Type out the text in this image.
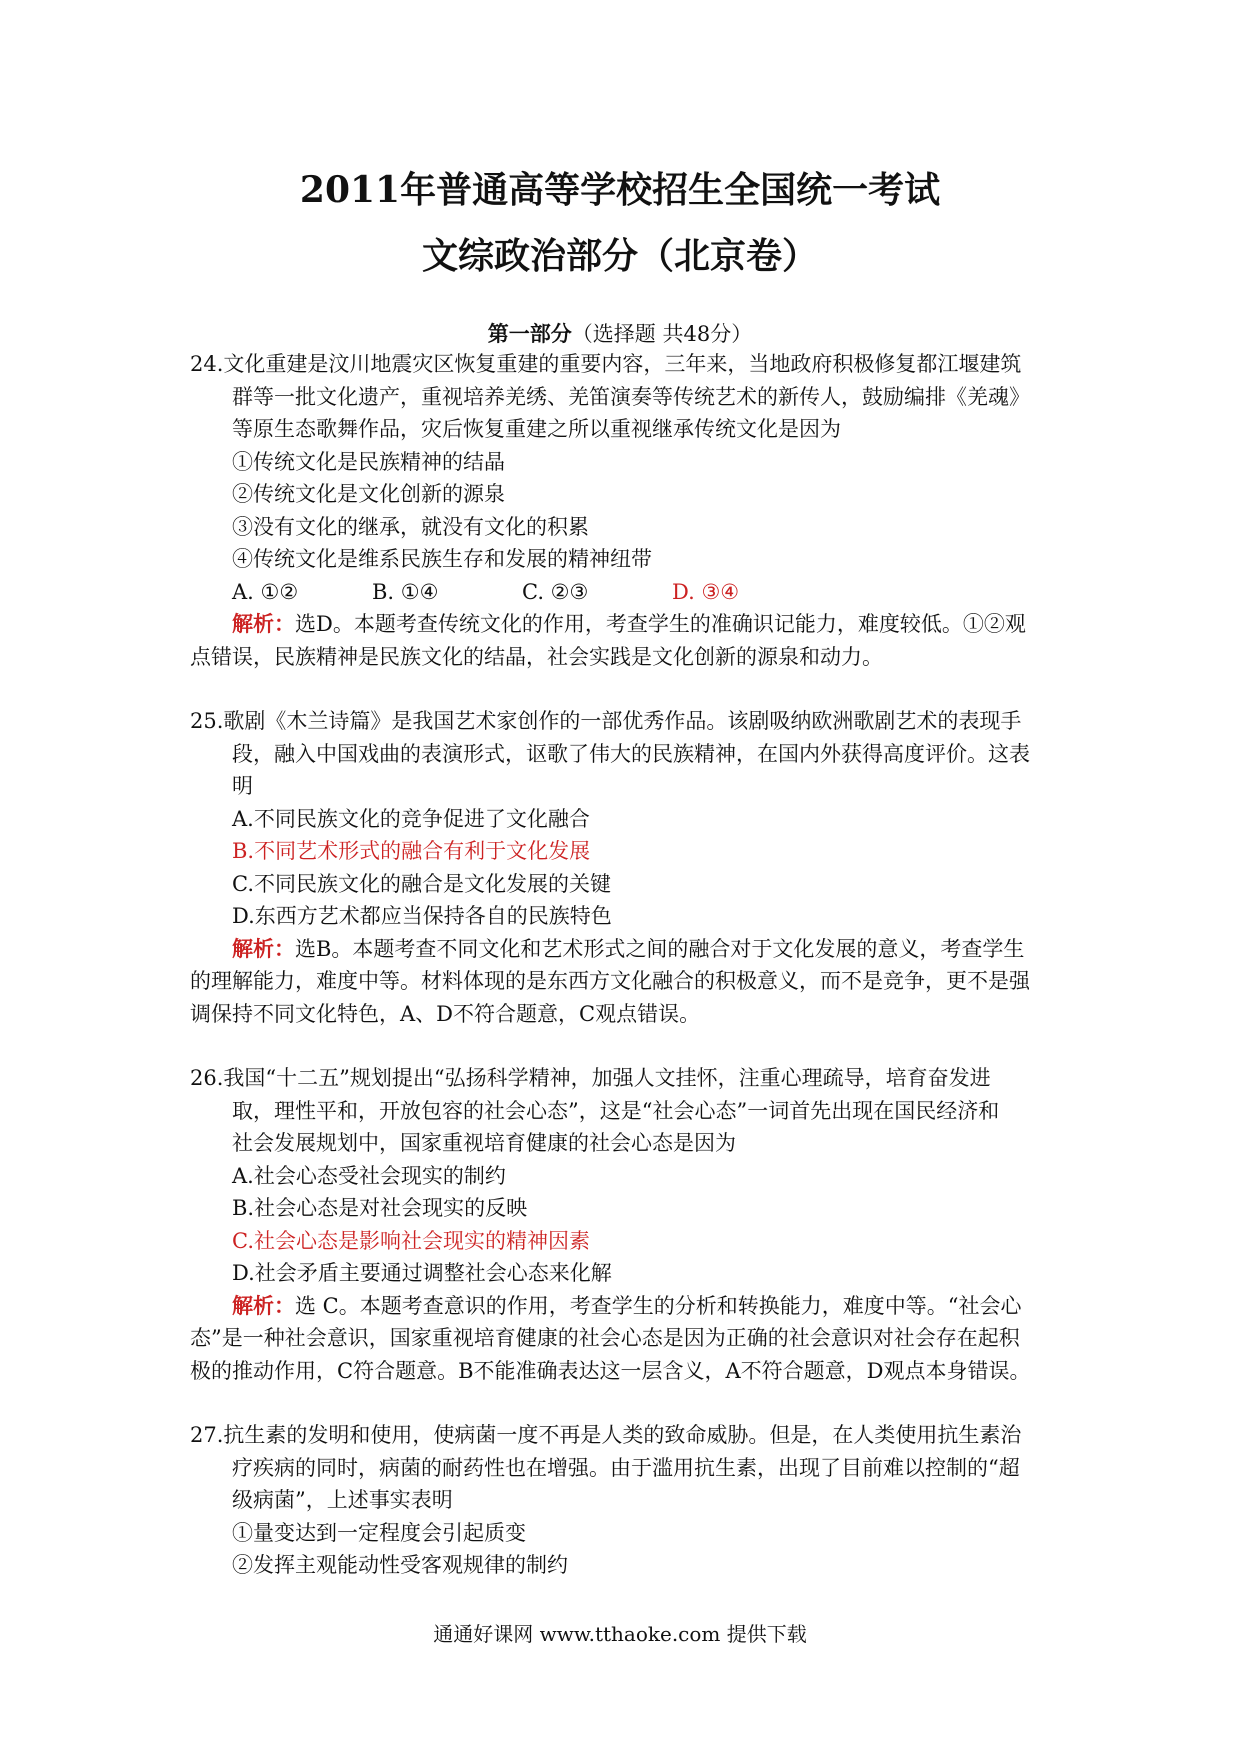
2011年普通高等学校招生全国统一考试
文综政治部分（北京卷）
第一部分（选择题 共48分）
24.文化重建是汶川地震灾区恢复重建的重要内容，三年来，当地政府积极修复都江堰建筑
群等一批文化遗产，重视培养羌绣、羌笛演奏等传统艺术的新传人，鼓励编排《羌魂》
等原生态歌舞作品，灾后恢复重建之所以重视继承传统文化是因为
①传统文化是民族精神的结晶
②传统文化是文化创新的源泉
③没有文化的继承，就没有文化的积累
④传统文化是维系民族生存和发展的精神纽带
A. ①②	B. ①④	C. ②③	D. ③④
解析：选D。本题考查传统文化的作用，考查学生的准确识记能力，难度较低。①②观
点错误，民族精神是民族文化的结晶，社会实践是文化创新的源泉和动力。
25.歌剧《木兰诗篇》是我国艺术家创作的一部优秀作品。该剧吸纳欧洲歌剧艺术的表现手
段，融入中国戏曲的表演形式，讴歌了伟大的民族精神，在国内外获得高度评价。这表
明
A.不同民族文化的竞争促进了文化融合
B.不同艺术形式的融合有利于文化发展
C.不同民族文化的融合是文化发展的关键
D.东西方艺术都应当保持各自的民族特色
解析：选B。本题考查不同文化和艺术形式之间的融合对于文化发展的意义，考查学生
的理解能力，难度中等。材料体现的是东西方文化融合的积极意义，而不是竞争，更不是强
调保持不同文化特色，A、D不符合题意，C观点错误。
26.我国“十二五”规划提出“弘扬科学精神，加强人文挂怀，注重心理疏导，培育奋发进
取，理性平和，开放包容的社会心态”，这是“社会心态”一词首先出现在国民经济和
社会发展规划中，国家重视培育健康的社会心态是因为
A.社会心态受社会现实的制约
B.社会心态是对社会现实的反映
C.社会心态是影响社会现实的精神因素
D.社会矛盾主要通过调整社会心态来化解
解析：选 C。本题考查意识的作用，考查学生的分析和转换能力，难度中等。“社会心
态”是一种社会意识，国家重视培育健康的社会心态是因为正确的社会意识对社会存在起积
极的推动作用，C符合题意。B不能准确表达这一层含义，A不符合题意，D观点本身错误。
27.抗生素的发明和使用，使病菌一度不再是人类的致命威胁。但是，在人类使用抗生素治
疗疾病的同时，病菌的耐药性也在增强。由于滥用抗生素，出现了目前难以控制的“超
级病菌”，上述事实表明
①量变达到一定程度会引起质变
②发挥主观能动性受客观规律的制约
通通好课网 www.tthaoke.com 提供下载
